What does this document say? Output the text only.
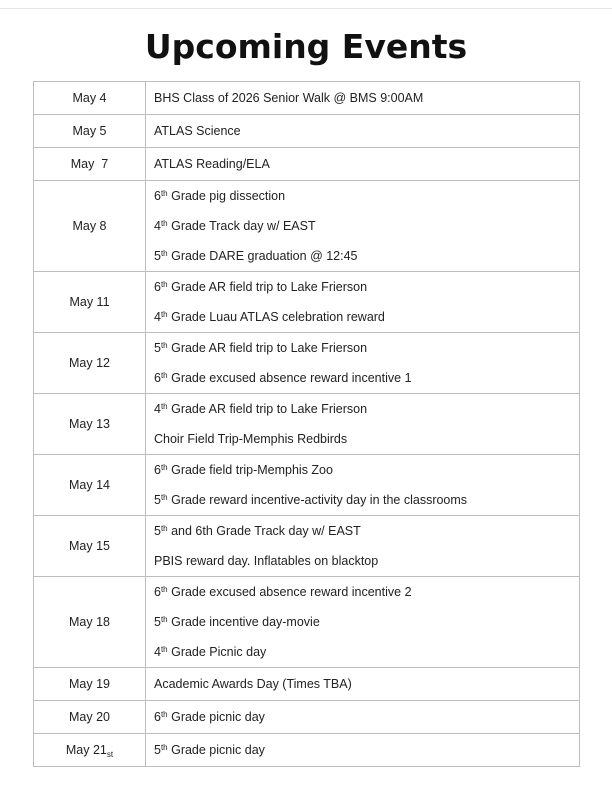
Upcoming Events
May 4	BHS Class of 2026 Senior Walk @ BMS 9:00AM

May 5	ATLAS Science

May  7	ATLAS Reading/ELA

May 8	6th Grade pig dissection
4th Grade Track day w/ EAST
5th Grade DARE graduation @ 12:45

May 11	6th Grade AR field trip to Lake Frierson
4th Grade Luau ATLAS celebration reward

May 12	5th Grade AR field trip to Lake Frierson
6th Grade excused absence reward incentive 1

May 13	4th Grade AR field trip to Lake Frierson
Choir Field Trip-Memphis Redbirds

May 14	6th Grade field trip-Memphis Zoo
5th Grade reward incentive-activity day in the classrooms

May 15	5th and 6th Grade Track day w/ EAST
PBIS reward day. Inflatables on blacktop

May 18	6th Grade excused absence reward incentive 2
5th Grade incentive day-movie
4th Grade Picnic day

May 19	Academic Awards Day (Times TBA)

May 20	6th Grade picnic day

May 21st	5th Grade picnic day
